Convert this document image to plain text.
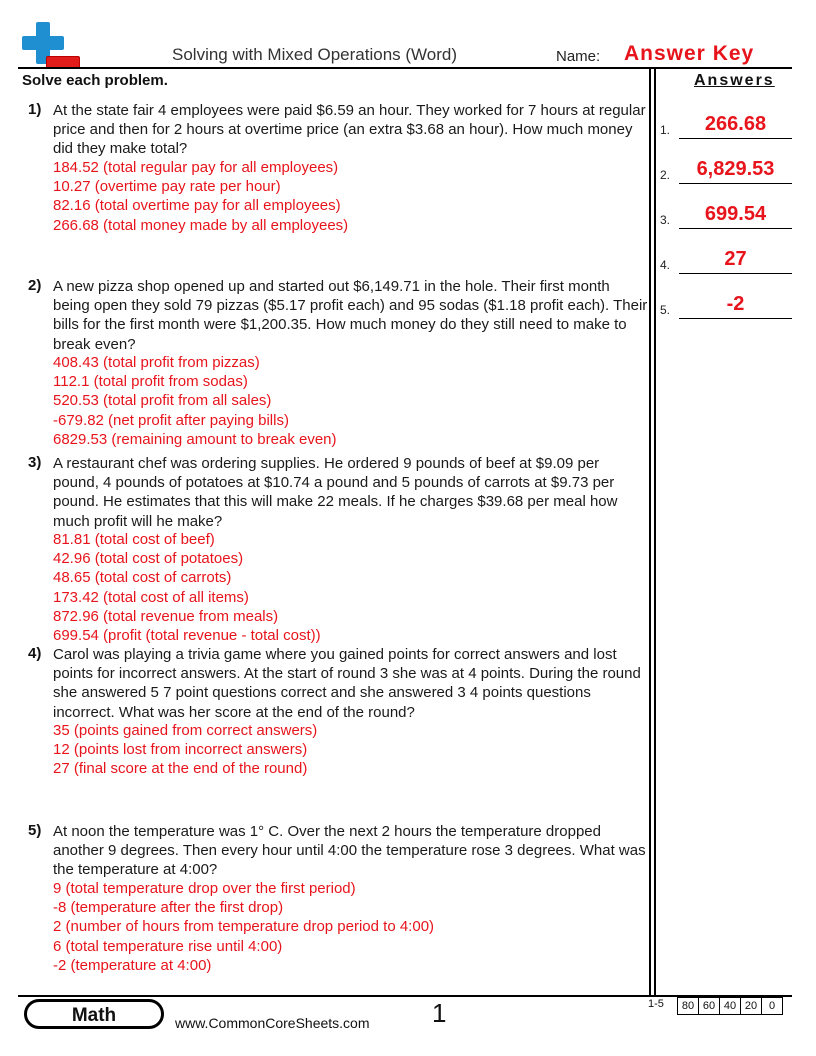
Solving with Mixed Operations (Word)	Name: Answer Key
Solve each problem.	Answers
1) At the state fair 4 employees were paid $6.59 an hour. They worked for 7 hours at regular price and then for 2 hours at overtime price (an extra $3.68 an hour). How much money did they make total?
184.52 (total regular pay for all employees)
10.27 (overtime pay rate per hour)
82.16 (total overtime pay for all employees)
266.68 (total money made by all employees)
2) A new pizza shop opened up and started out $6,149.71 in the hole. Their first month being open they sold 79 pizzas ($5.17 profit each) and 95 sodas ($1.18 profit each). Their bills for the first month were $1,200.35. How much money do they still need to make to break even?
408.43 (total profit from pizzas)
112.1 (total profit from sodas)
520.53 (total profit from all sales)
-679.82 (net profit after paying bills)
6829.53 (remaining amount to break even)
3) A restaurant chef was ordering supplies. He ordered 9 pounds of beef at $9.09 per pound, 4 pounds of potatoes at $10.74 a pound and 5 pounds of carrots at $9.73 per pound. He estimates that this will make 22 meals. If he charges $39.68 per meal how much profit will he make?
81.81 (total cost of beef)
42.96 (total cost of potatoes)
48.65 (total cost of carrots)
173.42 (total cost of all items)
872.96 (total revenue from meals)
699.54 (profit (total revenue - total cost))
4) Carol was playing a trivia game where you gained points for correct answers and lost points for incorrect answers. At the start of round 3 she was at 4 points. During the round she answered 5 7 point questions correct and she answered 3 4 points questions incorrect. What was her score at the end of the round?
35 (points gained from correct answers)
12 (points lost from incorrect answers)
27 (final score at the end of the round)
5) At noon the temperature was 1° C. Over the next 2 hours the temperature dropped another 9 degrees. Then every hour until 4:00 the temperature rose 3 degrees. What was the temperature at 4:00?
9 (total temperature drop over the first period)
-8 (temperature after the first drop)
2 (number of hours from temperature drop period to 4:00)
6 (total temperature rise until 4:00)
-2 (temperature at 4:00)
1.	266.68
2.	6,829.53
3.	699.54
4.	27
5.	-2
Math	www.CommonCoreSheets.com 1	1-5	80 60 40 20	0
